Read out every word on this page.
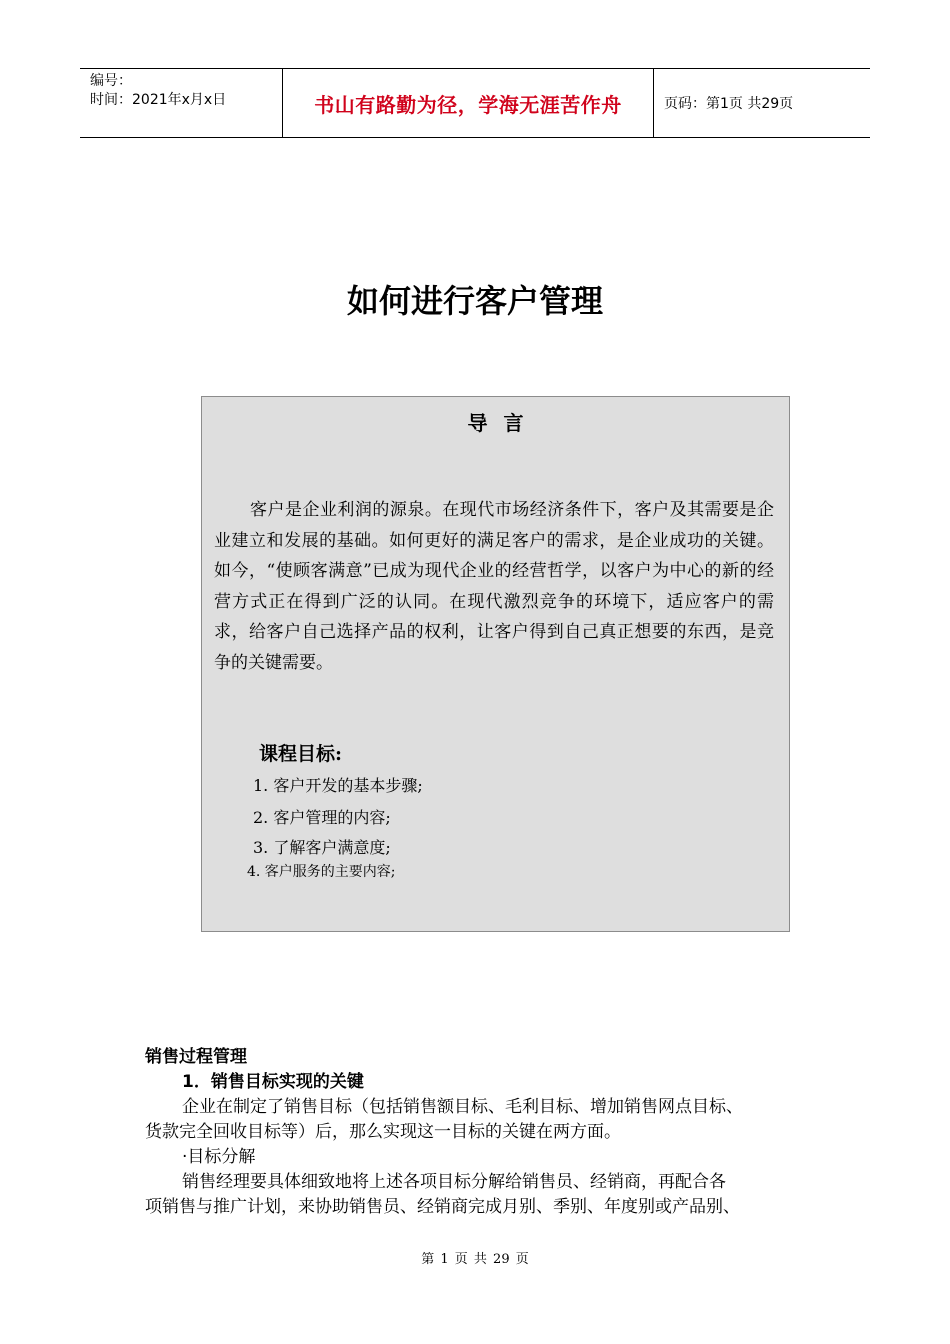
编号：
时间：2021年x月x日	书山有路勤为径，学海无涯苦作舟	页码：第1页 共29页
如何进行客户管理
导言
客户是企业利润的源泉。在现代市场经济条件下，客户及其需要是企业建立和发展的基础。如何更好的满足客户的需求，是企业成功的关键。如今，“使顾客满意”已成为现代企业的经营哲学，以客户为中心的新的经营方式正在得到广泛的认同。在现代激烈竞争的环境下，适应客户的需求，给客户自己选择产品的权利，让客户得到自己真正想要的东西，是竞争的关键需要。
课程目标:
1. 客户开发的基本步骤;
2. 客户管理的内容;
3. 了解客户满意度;
4. 客户服务的主要内容;
销售过程管理
1．销售目标实现的关键
企业在制定了销售目标（包括销售额目标、毛利目标、增加销售网点目标、
货款完全回收目标等）后，那么实现这一目标的关键在两方面。
·目标分解
销售经理要具体细致地将上述各项目标分解给销售员、经销商，再配合各
项销售与推广计划，来协助销售员、经销商完成月别、季别、年度别或产品别、
第 1 页 共 29 页
